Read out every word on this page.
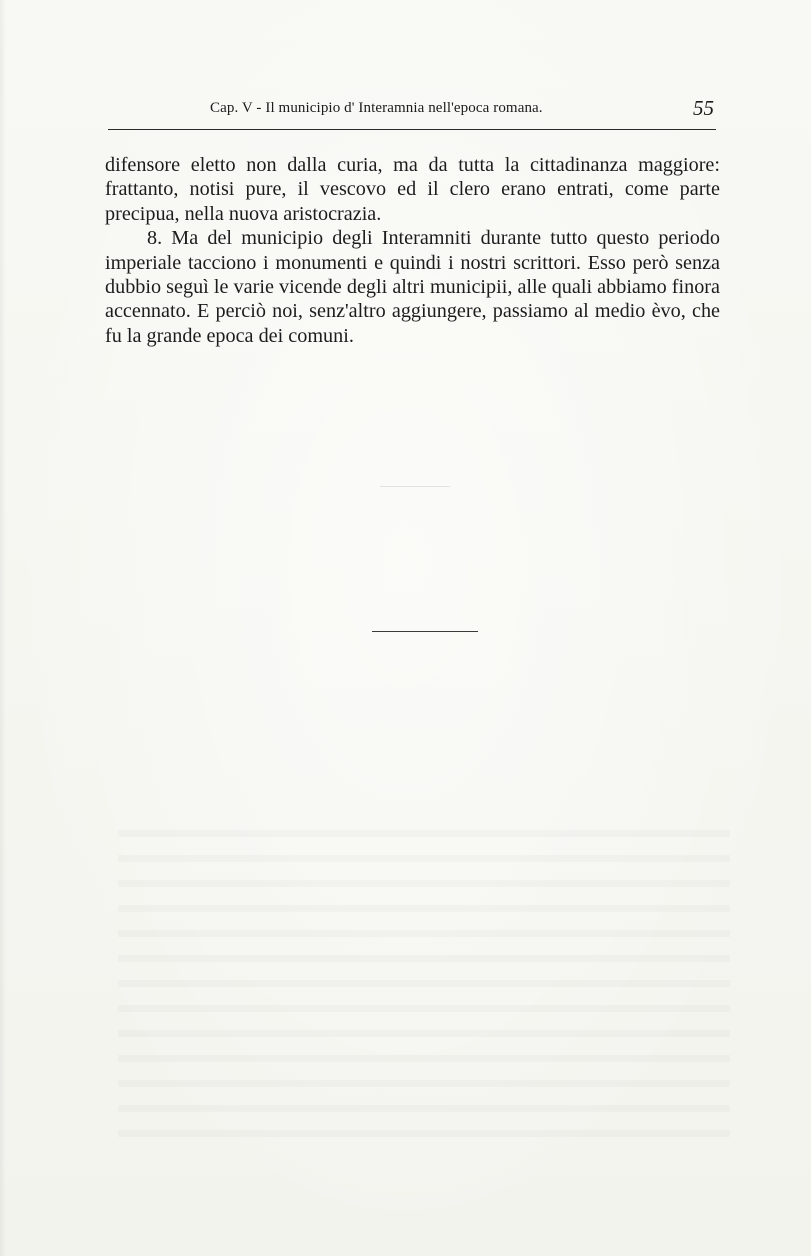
Cap. V - Il municipio d' Interamnia nell'epoca romana.	55

difensore eletto non dalla curia, ma da tutta la cittadinanza maggiore: frattanto, notisi pure, il vescovo ed il clero erano entrati, come parte precipua, nella nuova aristocrazia.

8. Ma del municipio degli Interamniti durante tutto questo periodo imperiale tacciono i monumenti e quindi i nostri scrittori. Esso però senza dubbio seguì le varie vicende degli altri municipii, alle quali abbiamo finora accennato. E perciò noi, senz'altro aggiungere, passiamo al medio èvo, che fu la grande epoca dei comuni.
